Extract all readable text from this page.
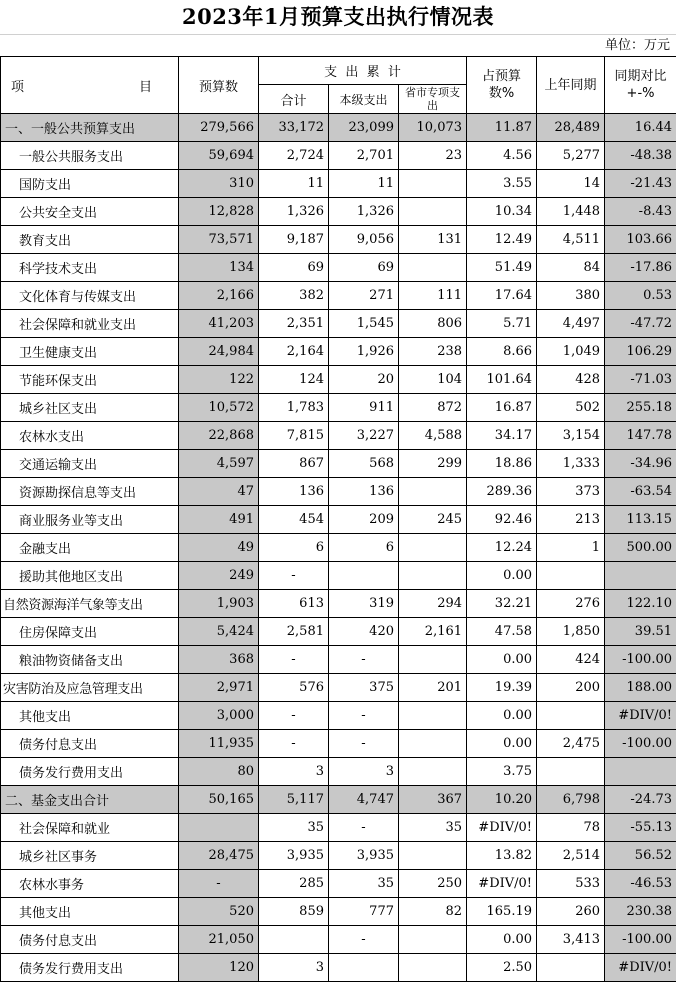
2023年1月预算支出执行情况表
单位：万元
项 目	预算数	支  出  累  计			占预算数%	上年同期	同期对比+-%
		合计	本级支出	省市专项支出			
一、一般公共预算支出	279,566	33,172	23,099	10,073	11.87	28,489	16.44
一般公共服务支出	59,694	2,724	2,701	23	4.56	5,277	-48.38
国防支出	310	11	11		3.55	14	-21.43
公共安全支出	12,828	1,326	1,326		10.34	1,448	-8.43
教育支出	73,571	9,187	9,056	131	12.49	4,511	103.66
科学技术支出	134	69	69		51.49	84	-17.86
文化体育与传媒支出	2,166	382	271	111	17.64	380	0.53
社会保障和就业支出	41,203	2,351	1,545	806	5.71	4,497	-47.72
卫生健康支出	24,984	2,164	1,926	238	8.66	1,049	106.29
节能环保支出	122	124	20	104	101.64	428	-71.03
城乡社区支出	10,572	1,783	911	872	16.87	502	255.18
农林水支出	22,868	7,815	3,227	4,588	34.17	3,154	147.78
交通运输支出	4,597	867	568	299	18.86	1,333	-34.96
资源勘探信息等支出	47	136	136		289.36	373	-63.54
商业服务业等支出	491	454	209	245	92.46	213	113.15
金融支出	49	6	6		12.24	1	500.00
援助其他地区支出	249	-			0.00		
自然资源海洋气象等支出	1,903	613	319	294	32.21	276	122.10
住房保障支出	5,424	2,581	420	2,161	47.58	1,850	39.51
粮油物资储备支出	368	-	-		0.00	424	-100.00
灾害防治及应急管理支出	2,971	576	375	201	19.39	200	188.00
其他支出	3,000	-	-		0.00		#DIV/0!
债务付息支出	11,935	-	-		0.00	2,475	-100.00
债务发行费用支出	80	3	3		3.75		
二、基金支出合计	50,165	5,117	4,747	367	10.20	6,798	-24.73
社会保障和就业		35	-	35	#DIV/0!	78	-55.13
城乡社区事务	28,475	3,935	3,935		13.82	2,514	56.52
农林水事务	-	285	35	250	#DIV/0!	533	-46.53
其他支出	520	859	777	82	165.19	260	230.38
债务付息支出	21,050		-		0.00	3,413	-100.00
债务发行费用支出	120	3			2.50		#DIV/0!
